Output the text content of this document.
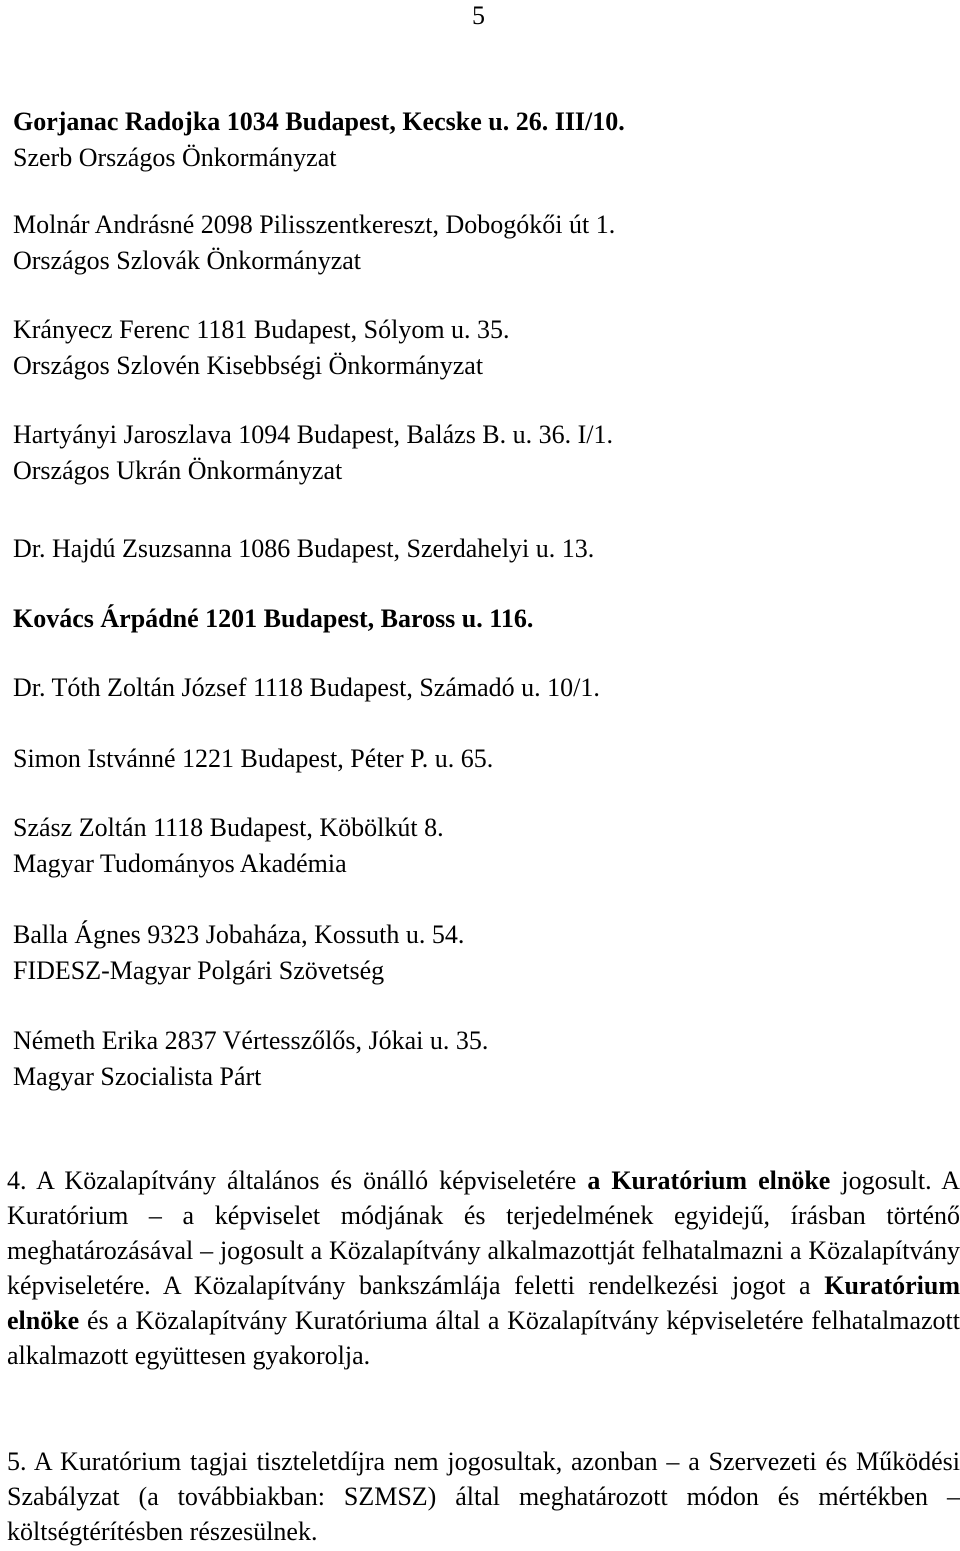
5
Gorjanac Radojka 1034 Budapest, Kecske u. 26. III/10.
Szerb Országos Önkormányzat
Molnár Andrásné 2098 Pilisszentkereszt, Dobogókői út 1.
Országos Szlovák Önkormányzat
Krányecz Ferenc 1181 Budapest, Sólyom u. 35.
Országos Szlovén Kisebbségi Önkormányzat
Hartyányi Jaroszlava 1094 Budapest, Balázs B. u. 36. I/1.
Országos Ukrán Önkormányzat
Dr. Hajdú Zsuzsanna 1086 Budapest, Szerdahelyi u. 13.
Kovács Árpádné 1201 Budapest, Baross u. 116.
Dr. Tóth Zoltán József 1118 Budapest, Számadó u. 10/1.
Simon Istvánné 1221 Budapest, Péter P. u. 65.
Szász Zoltán 1118 Budapest, Köbölkút 8.
Magyar Tudományos Akadémia
Balla Ágnes 9323 Jobaháza, Kossuth u. 54.
FIDESZ-Magyar Polgári Szövetség
Németh Erika 2837 Vértesszőlős, Jókai u. 35.
Magyar Szocialista Párt

4. A Közalapítvány általános és önálló képviseletére a Kuratórium elnöke jogosult. A Kuratórium – a képviselet módjának és terjedelmének egyidejű, írásban történő meghatározásával – jogosult a Közalapítvány alkalmazottját felhatalmazni a Közalapítvány képviseletére. A Közalapítvány bankszámlája feletti rendelkezési jogot a Kuratórium elnöke és a Közalapítvány Kuratóriuma által a Közalapítvány képviseletére felhatalmazott alkalmazott együttesen gyakorolja.

5. A Kuratórium tagjai tiszteletdíjra nem jogosultak, azonban – a Szervezeti és Működési Szabályzat (a továbbiakban: SZMSZ) által meghatározott módon és mértékben – költségtérítésben részesülnek.
